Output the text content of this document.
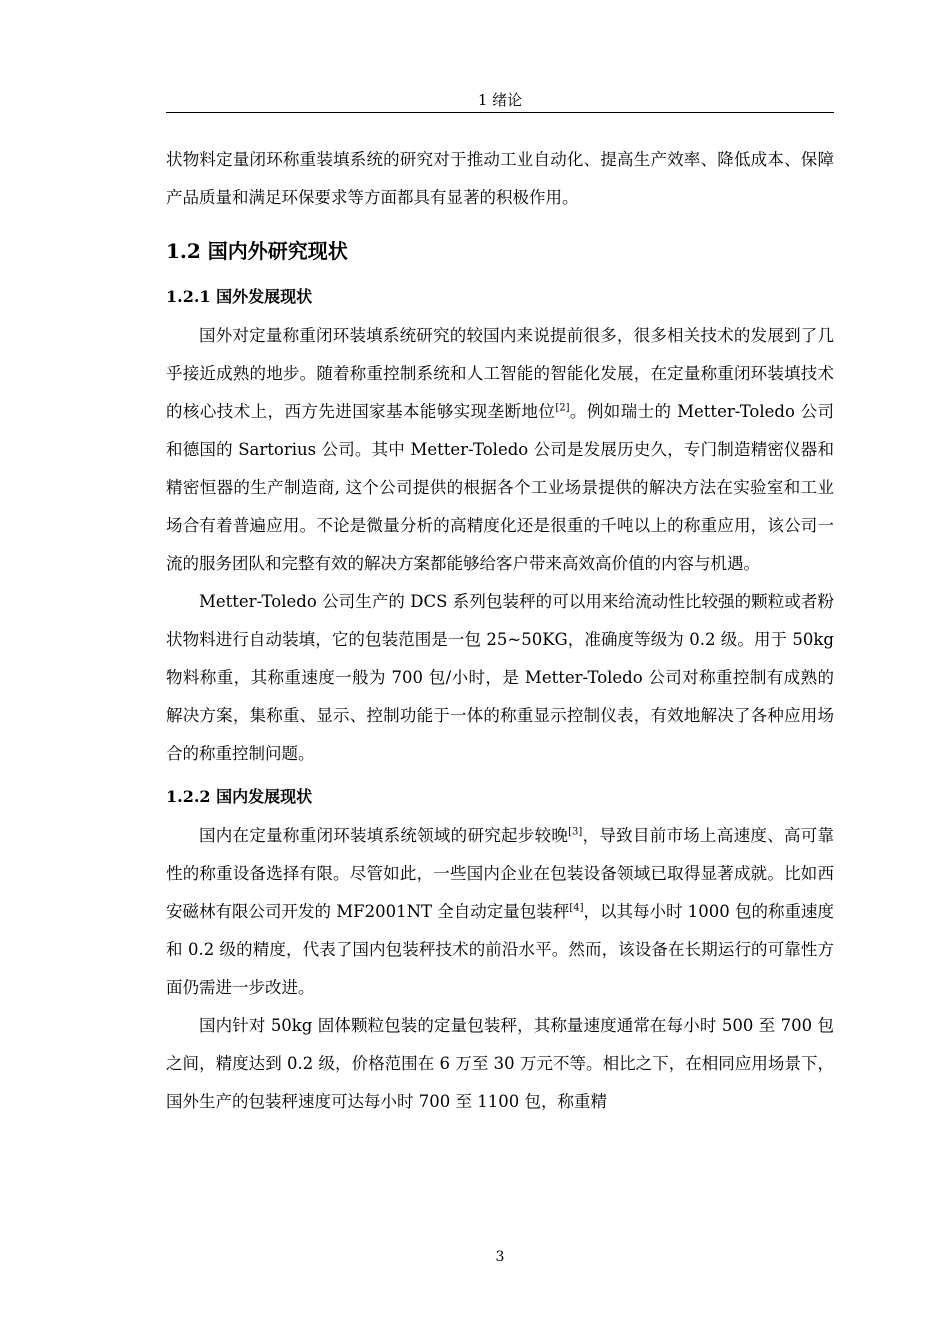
1 绪论

状物料定量闭环称重装填系统的研究对于推动工业自动化、提高生产效率、降低成本、保障产品质量和满足环保要求等方面都具有显著的积极作用。

1.2 国内外研究现状
1.2.1 国外发展现状

国外对定量称重闭环装填系统研究的较国内来说提前很多，很多相关技术的发展到了几乎接近成熟的地步。随着称重控制系统和人工智能的智能化发展，在定量称重闭环装填技术的核心技术上，西方先进国家基本能够实现垄断地位[2]。例如瑞士的 Metter-Toledo 公司和德国的 Sartorius 公司。其中 Metter-Toledo 公司是发展历史久，专门制造精密仪器和精密恒器的生产制造商, 这个公司提供的根据各个工业场景提供的解决方法在实验室和工业场合有着普遍应用。不论是微量分析的高精度化还是很重的千吨以上的称重应用，该公司一流的服务团队和完整有效的解决方案都能够给客户带来高效高价值的内容与机遇。

Metter-Toledo 公司生产的 DCS 系列包装秤的可以用来给流动性比较强的颗粒或者粉状物料进行自动装填，它的包装范围是一包 25~50KG，准确度等级为 0.2 级。用于 50kg 物料称重，其称重速度一般为 700 包/小时，是 Metter-Toledo 公司对称重控制有成熟的解决方案，集称重、显示、控制功能于一体的称重显示控制仪表，有效地解决了各种应用场合的称重控制问题。

1.2.2 国内发展现状

国内在定量称重闭环装填系统领域的研究起步较晚[3]，导致目前市场上高速度、高可靠性的称重设备选择有限。尽管如此，一些国内企业在包装设备领域已取得显著成就。比如西安磁林有限公司开发的 MF2001NT 全自动定量包装秤[4]，以其每小时 1000 包的称重速度和 0.2 级的精度，代表了国内包装秤技术的前沿水平。然而，该设备在长期运行的可靠性方面仍需进一步改进。

国内针对 50kg 固体颗粒包装的定量包装秤，其称量速度通常在每小时 500 至 700 包之间，精度达到 0.2 级，价格范围在 6 万至 30 万元不等。相比之下，在相同应用场景下，国外生产的包装秤速度可达每小时 700 至 1100 包，称重精

3
